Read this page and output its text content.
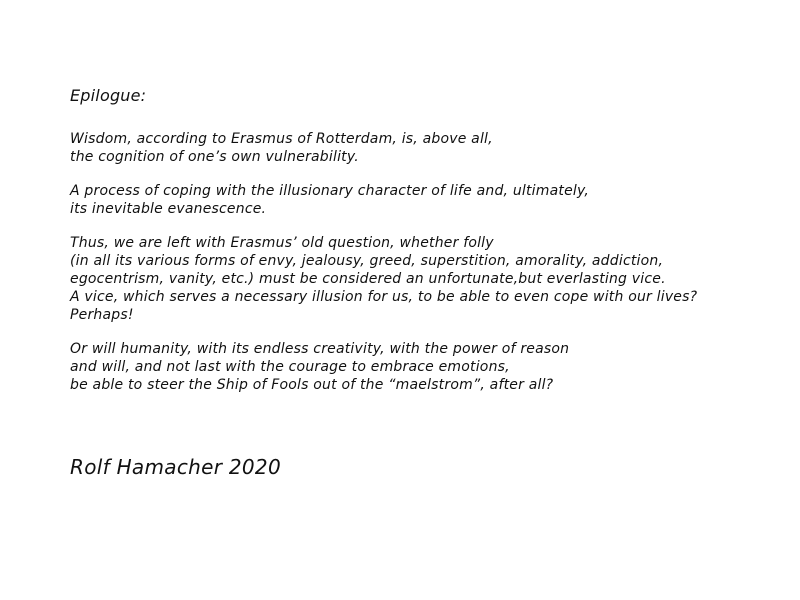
Epilogue:
Wisdom, according to Erasmus of Rotterdam, is, above all,
the cognition of one’s own vulnerability.
A process of coping with the illusionary character of life and, ultimately,
its inevitable evanescence.
Thus, we are left with Erasmus’ old question, whether folly
(in all its various forms of envy, jealousy, greed, superstition, amorality, addiction,
egocentrism, vanity, etc.) must be considered an unfortunate,but everlasting vice.
A vice, which serves a necessary illusion for us, to be able to even cope with our lives?
Perhaps!
Or will humanity, with its endless creativity, with the power of reason
and will, and not last with the courage to embrace emotions,
be able to steer the Ship of Fools out of the “maelstrom”, after all?
Rolf Hamacher 2020
